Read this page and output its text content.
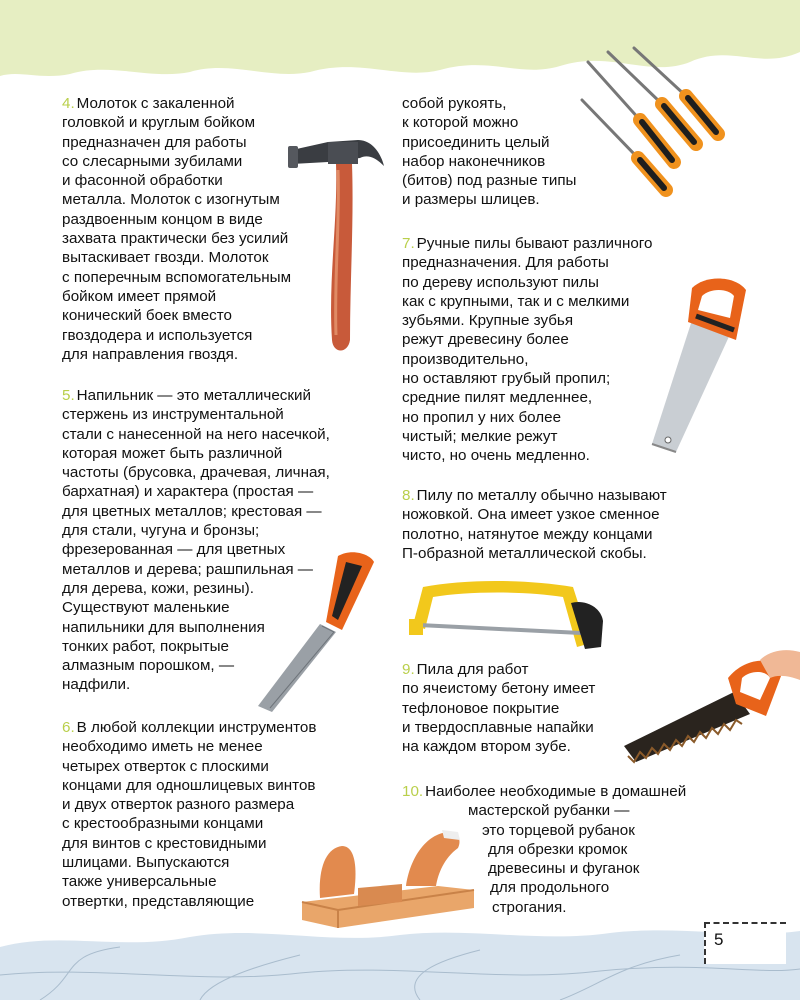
4. Молоток с закаленной
головкой и круглым бойком
предназначен для работы
со слесарными зубилами
и фасонной обработки
металла. Молоток с изогнутым
раздвоенным концом в виде
захвата практически без усилий
вытаскивает гвозди. Молоток
с поперечным вспомогательным
бойком имеет прямой
конический боек вместо
гвоздодера и используется
для направления гвоздя.

5. Напильник — это металлический
стержень из инструментальной
стали с нанесенной на него насечкой,
которая может быть различной
частоты (брусовка, драчевая, личная,
бархатная) и характера (простая —
для цветных металлов; крестовая —
для стали, чугуна и бронзы;
фрезерованная — для цветных
металлов и дерева; рашпильная —
для дерева, кожи, резины).
Существуют маленькие
напильники для выполнения
тонких работ, покрытые
алмазным порошком, —
надфили.

6. В любой коллекции инструментов
необходимо иметь не менее
четырех отверток с плоскими
концами для одношлицевых винтов
и двух отверток разного размера
с крестообразными концами
для винтов с крестовидными
шлицами. Выпускаются
также универсальные
отвертки, представляющие

собой рукоять,
к которой можно
присоединить целый
набор наконечников
(битов) под разные типы
и размеры шлицев.

7. Ручные пилы бывают различного
предназначения. Для работы
по дереву используют пилы
как с крупными, так и с мелкими
зубьями. Крупные зубья
режут древесину более
производительно,
но оставляют грубый пропил;
средние пилят медленнее,
но пропил у них более
чистый; мелкие режут
чисто, но очень медленно.

8. Пилу по металлу обычно называют
ножовкой. Она имеет узкое сменное
полотно, натянутое между концами
П-образной металлической скобы.

9. Пила для работ
по ячеистому бетону имеет
тефлоновое покрытие
и твердосплавные напайки
на каждом втором зубе.

10. Наиболее необходимые в домашней
мастерской рубанки —
это торцевой рубанок
для обрезки кромок
древесины и фуганок
для продольного
строгания.

5
